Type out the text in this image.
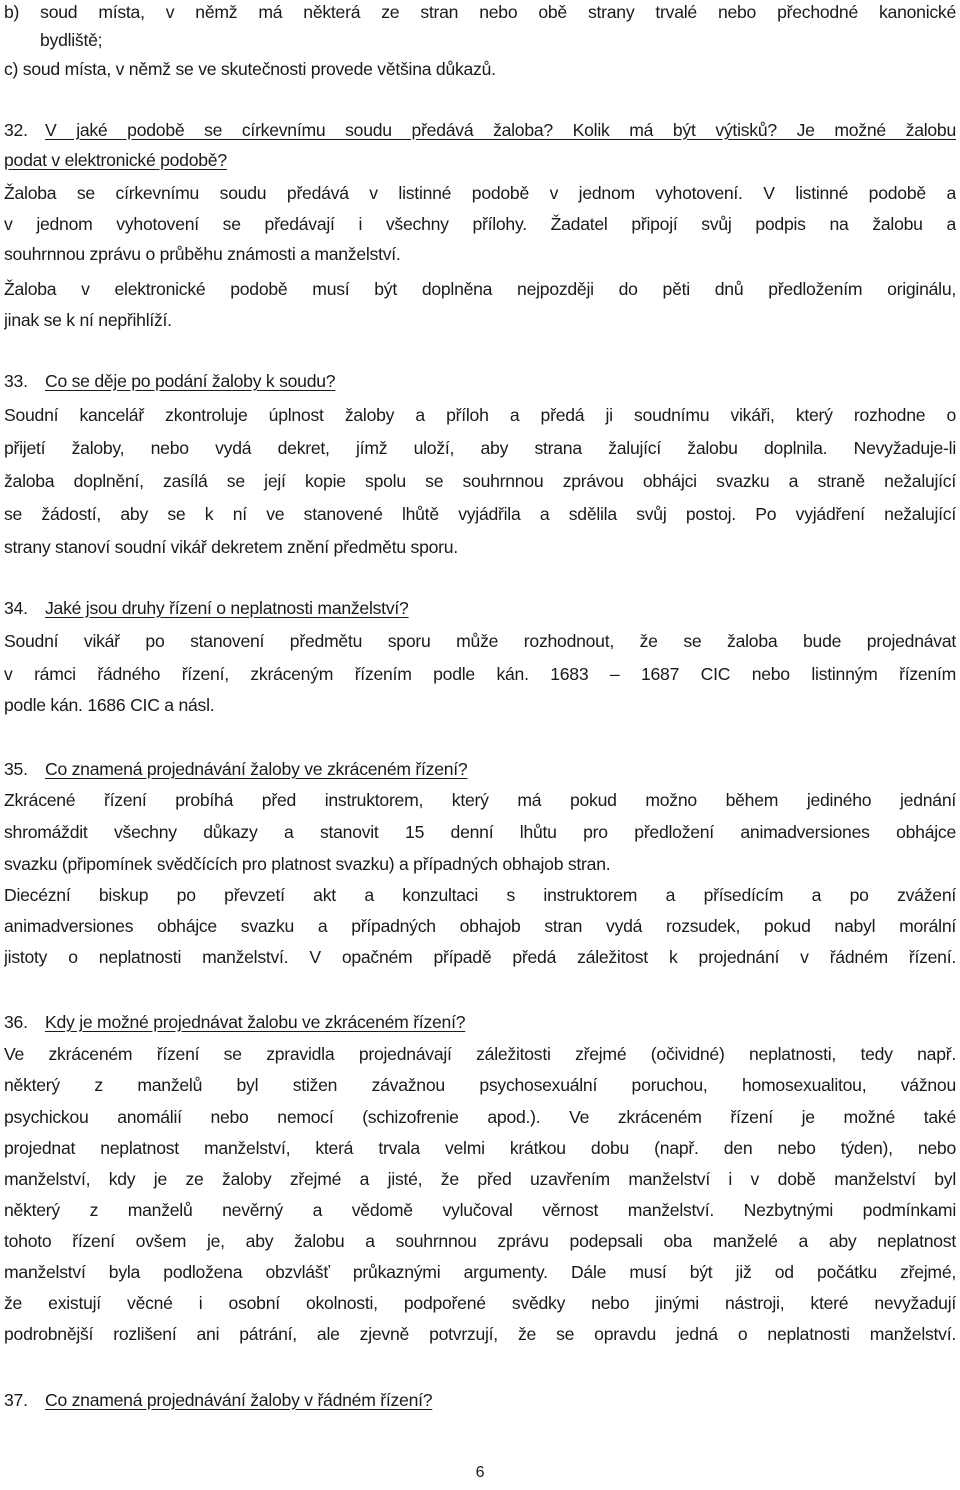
b) soud místa, v němž má některá ze stran nebo obě strany trvalé nebo přechodné kanonické
bydliště;
c) soud místa, v němž se ve skutečnosti provede většina důkazů.
32. V jaké podobě se církevnímu soudu předává žaloba? Kolik má být výtisků? Je možné žalobu
podat v elektronické podobě?
Žaloba se církevnímu soudu předává v listinné podobě v jednom vyhotovení. V listinné podobě a
v jednom vyhotovení se předávají i všechny přílohy. Žadatel připojí svůj podpis na žalobu a
souhrnnou zprávu o průběhu známosti a manželství.
Žaloba v elektronické podobě musí být doplněna nejpozději do pěti dnů předložením originálu,
jinak se k ní nepřihlíží.
33. Co se děje po podání žaloby k soudu?
Soudní kancelář zkontroluje úplnost žaloby a příloh a předá ji soudnímu vikáři, který rozhodne o
přijetí žaloby, nebo vydá dekret, jímž uloží, aby strana žalující žalobu doplnila. Nevyžaduje-li
žaloba doplnění, zasílá se její kopie spolu se souhrnnou zprávou obhájci svazku a straně nežalující
se žádostí, aby se k ní ve stanovené lhůtě vyjádřila a sdělila svůj postoj. Po vyjádření nežalující
strany stanoví soudní vikář dekretem znění předmětu sporu.
34. Jaké jsou druhy řízení o neplatnosti manželství?
Soudní vikář po stanovení předmětu sporu může rozhodnout, že se žaloba bude projednávat
v rámci řádného řízení, zkráceným řízením podle kán. 1683 – 1687 CIC nebo listinným řízením
podle kán. 1686 CIC a násl.
35. Co znamená projednávání žaloby ve zkráceném řízení?
Zkrácené řízení probíhá před instruktorem, který má pokud možno během jediného jednání
shromáždit všechny důkazy a stanovit 15 denní lhůtu pro předložení animadversiones obhájce
svazku (připomínek svědčících pro platnost svazku) a případných obhajob stran.
Diecézní biskup po převzetí akt a konzultaci s instruktorem a přísedícím a po zvážení
animadversiones obhájce svazku a případných obhajob stran vydá rozsudek, pokud nabyl morální
jistoty o neplatnosti manželství. V opačném případě předá záležitost k projednání v řádném řízení.
36. Kdy je možné projednávat žalobu ve zkráceném řízení?
Ve zkráceném řízení se zpravidla projednávají záležitosti zřejmé (očividné) neplatnosti, tedy např.
některý z manželů byl stižen závažnou psychosexuální poruchou, homosexualitou, vážnou
psychickou anomálií nebo nemocí (schizofrenie apod.). Ve zkráceném řízení je možné také
projednat neplatnost manželství, která trvala velmi krátkou dobu (např. den nebo týden), nebo
manželství, kdy je ze žaloby zřejmé a jisté, že před uzavřením manželství i v době manželství byl
některý z manželů nevěrný a vědomě vylučoval věrnost manželství. Nezbytnými podmínkami
tohoto řízení ovšem je, aby žalobu a souhrnnou zprávu podepsali oba manželé a aby neplatnost
manželství byla podložena obzvlášť průkaznými argumenty. Dále musí být již od počátku zřejmé,
že existují věcné i osobní okolnosti, podpořené svědky nebo jinými nástroji, které nevyžadují
podrobnější rozlišení ani pátrání, ale zjevně potvrzují, že se opravdu jedná o neplatnosti manželství.
37. Co znamená projednávání žaloby v řádném řízení?
6
